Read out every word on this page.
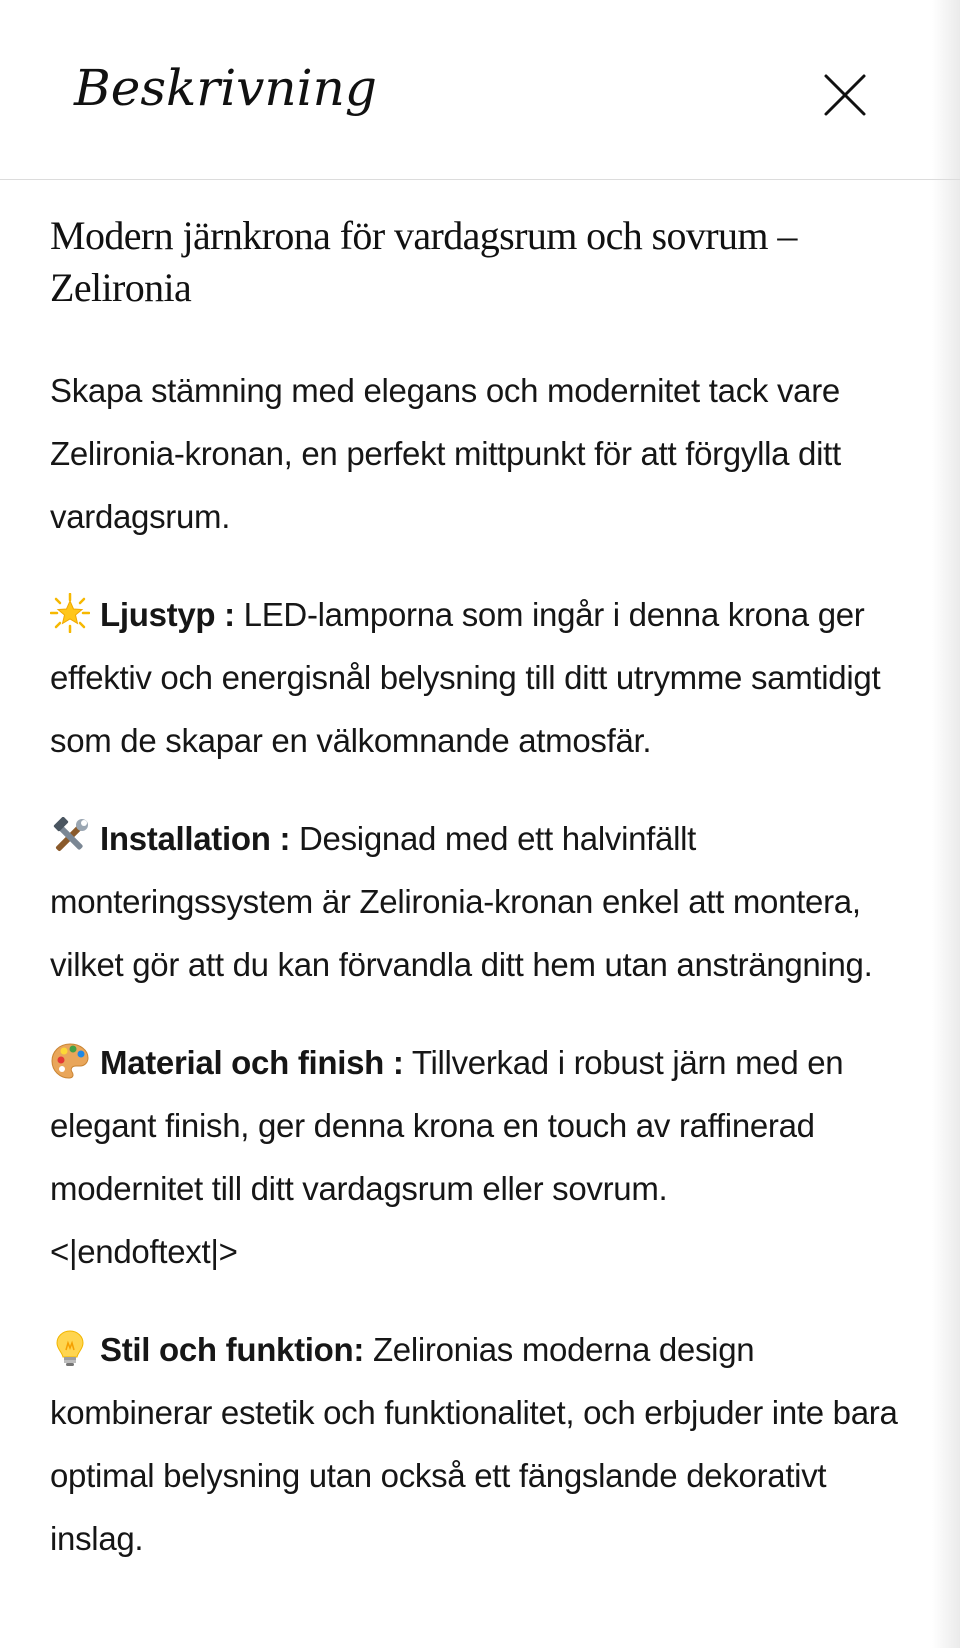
Beskrivning
Modern järnkrona för vardagsrum och sovrum – Zelironia

Skapa stämning med elegans och modernitet tack vare Zelironia-kronan, en perfekt mittpunkt för att förgylla ditt vardagsrum.

Ljustyp : LED-lamporna som ingår i denna krona ger effektiv och energisnål belysning till ditt utrymme samtidigt som de skapar en välkomnande atmosfär.

Installation : Designad med ett halvinfällt monteringssystem är Zelironia-kronan enkel att montera, vilket gör att du kan förvandla ditt hem utan ansträngning.

Material och finish : Tillverkad i robust järn med en elegant finish, ger denna krona en touch av raffinerad modernitet till ditt vardagsrum eller sovrum.
<|endoftext|>

Stil och funktion: Zelironias moderna design kombinerar estetik och funktionalitet, och erbjuder inte bara optimal belysning utan också ett fängslande dekorativt inslag.
